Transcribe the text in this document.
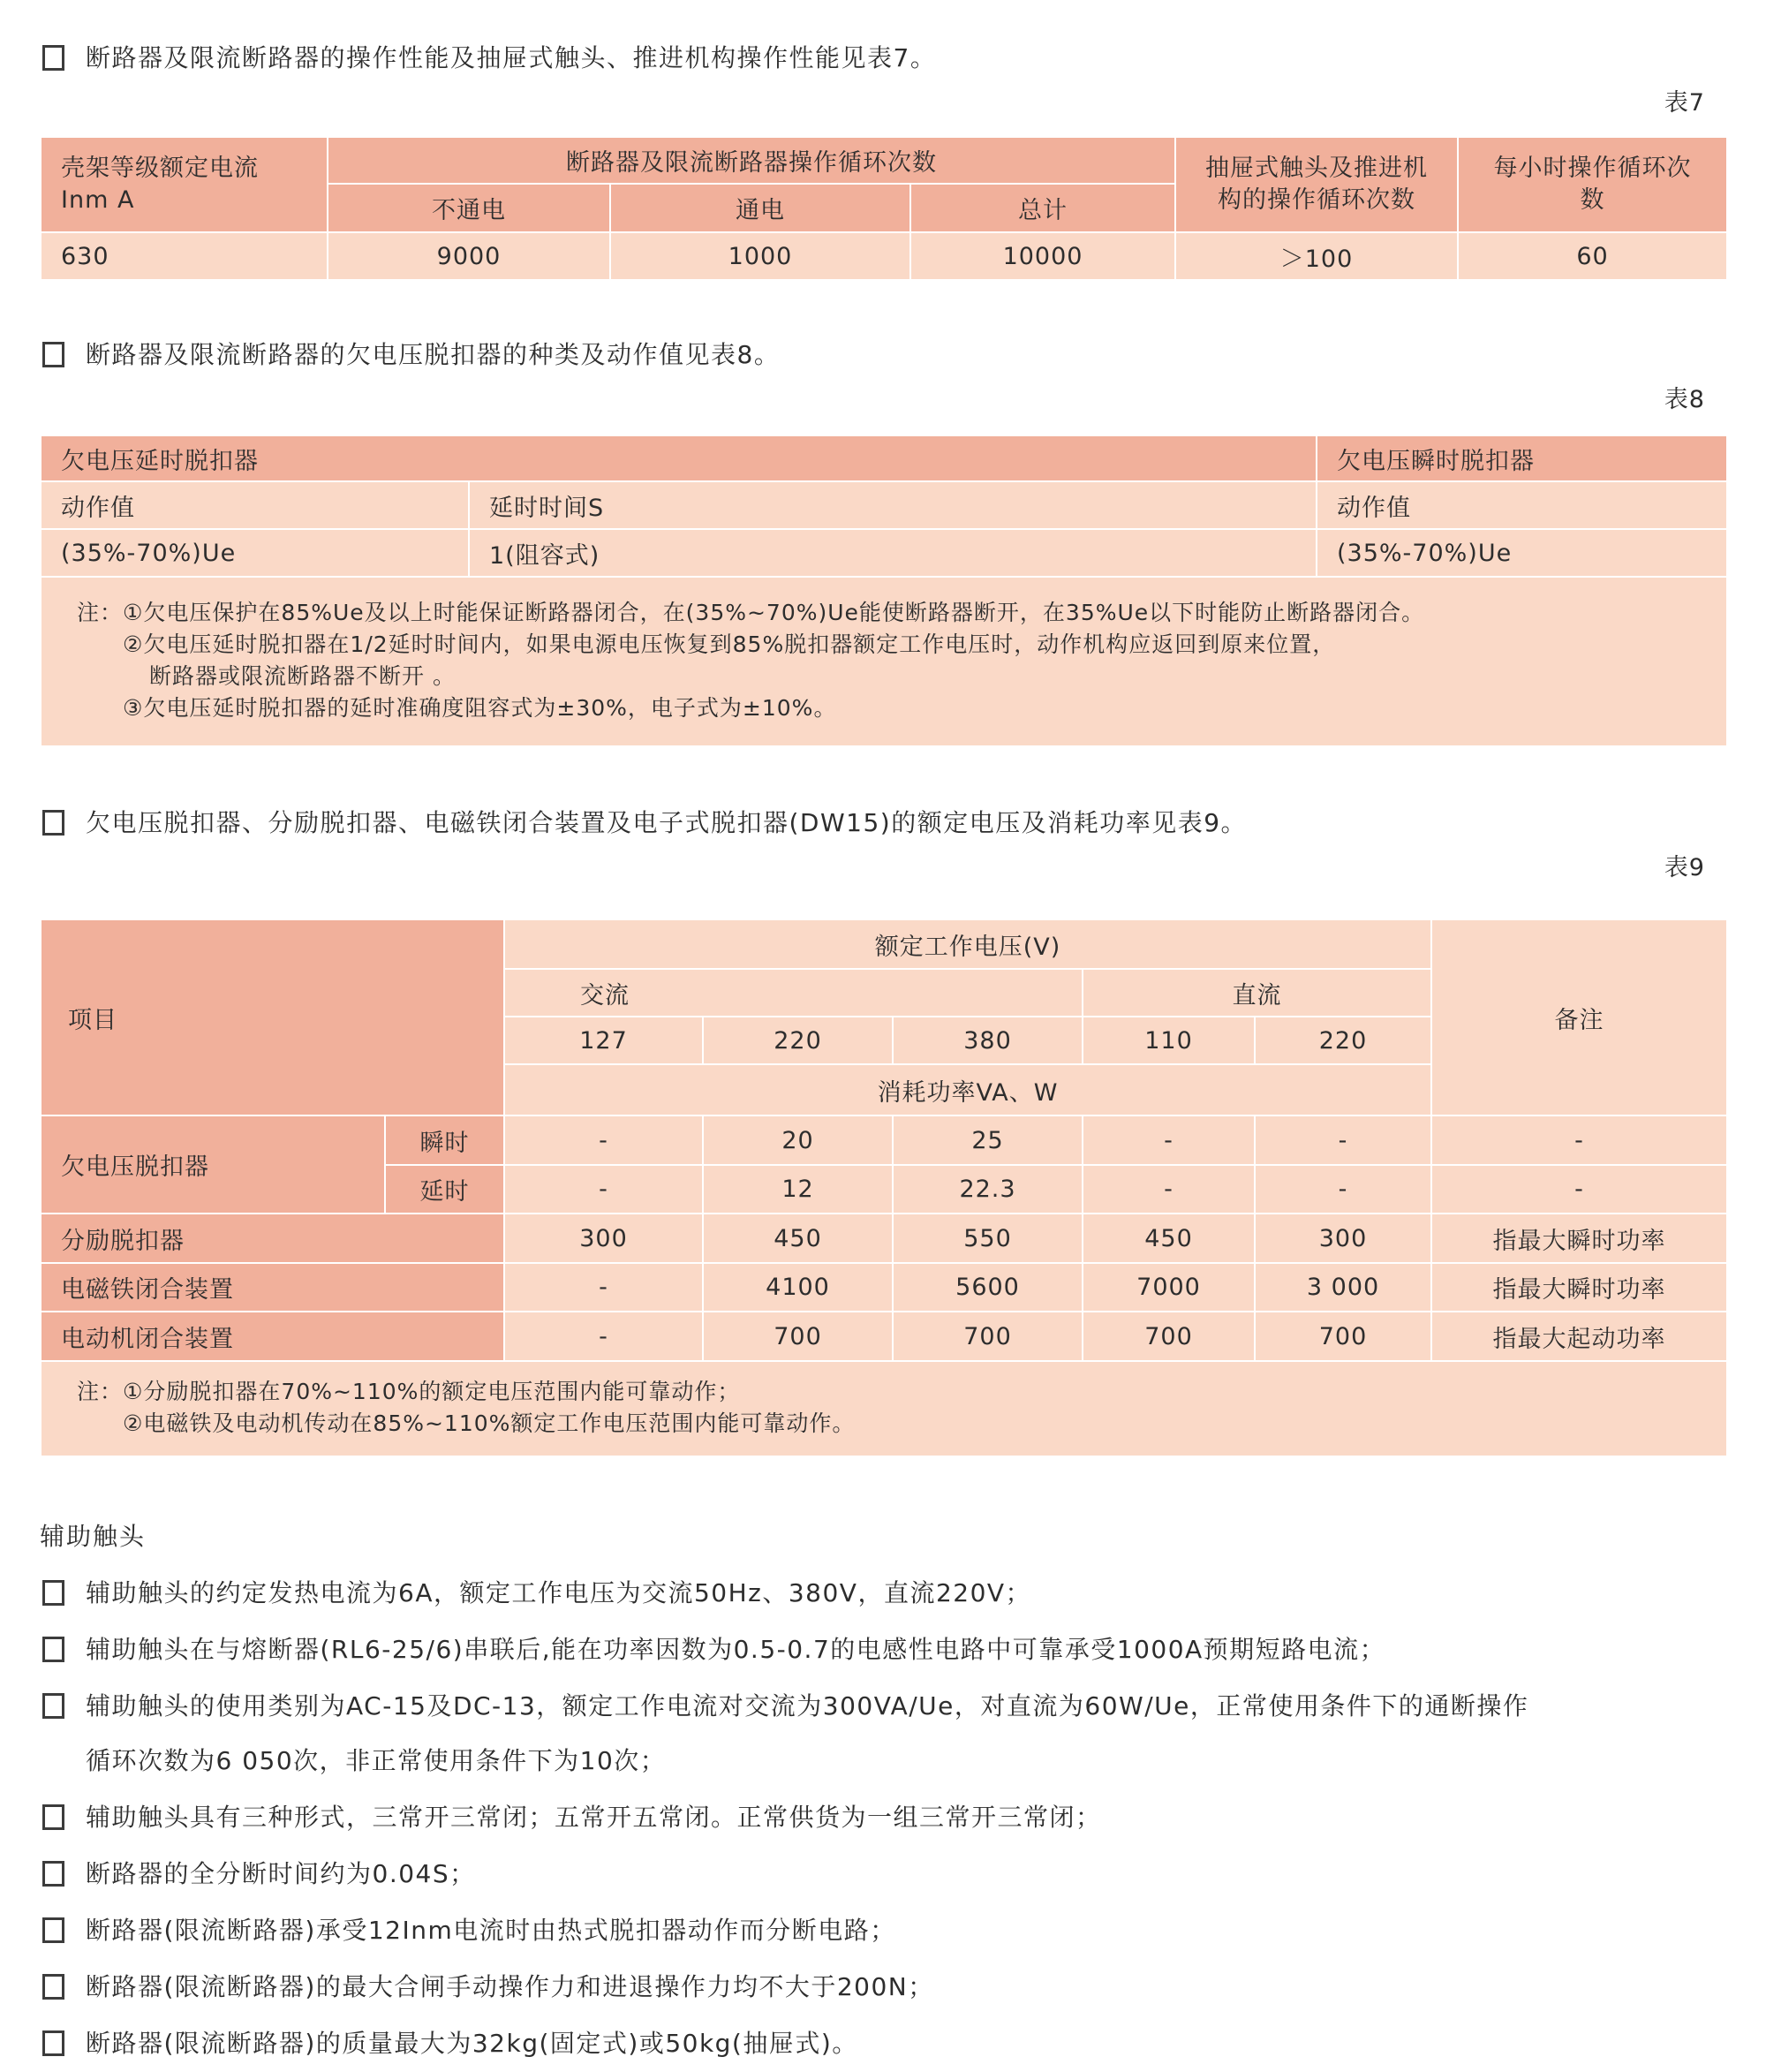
断路器及限流断路器的操作性能及抽屉式触头、推进机构操作性能见表7。
表7
壳架等级额定电流
Inm A	断路器及限流断路器操作循环次数			抽屉式触头及推进机构的操作循环次数	每小时操作循环次数
	不通电	通电	总计		
630	9000	1000	10000	＞100	60
断路器及限流断路器的欠电压脱扣器的种类及动作值见表8。
表8
欠电压延时脱扣器		欠电压瞬时脱扣器
动作值	延时时间S	动作值
(35%-70%)Ue	1(阻容式)	(35%-70%)Ue

注：①欠电压保护在85%Ue及以上时能保证断路器闭合，在(35%~70%)Ue能使断路器断开，在35%Ue以下时能防止断路器闭合。
②欠电压延时脱扣器在1/2延时时间内，如果电源电压恢复到85%脱扣器额定工作电压时，动作机构应返回到原来位置，
断路器或限流断路器不断开 。
③欠电压延时脱扣器的延时准确度阻容式为±30%，电子式为±10%。		
欠电压脱扣器、分励脱扣器、电磁铁闭合装置及电子式脱扣器(DW15)的额定电压及消耗功率见表9。
表9
项目		额定工作电压(V)					备注
		交流			直流		
		127	220	380	110	220	
		消耗功率VA、W					
欠电压脱扣器	瞬时	-	20	25	-	-	-
	延时	-	12	22.3	-	-	-
分励脱扣器		300	450	550	450	300	指最大瞬时功率
电磁铁闭合装置		-	4100	5600	7000	3 000	指最大瞬时功率
电动机闭合装置		-	700	700	700	700	指最大起动功率

注：①分励脱扣器在70%~110%的额定电压范围内能可靠动作；
②电磁铁及电动机传动在85%~110%额定工作电压范围内能可靠动作。							
辅助触头
辅助触头的约定发热电流为6A，额定工作电压为交流50Hz、380V，直流220V；
辅助触头在与熔断器(RL6-25/6)串联后,能在功率因数为0.5-0.7的电感性电路中可靠承受1000A预期短路电流；
辅助触头的使用类别为AC-15及DC-13，额定工作电流对交流为300VA/Ue，对直流为60W/Ue，正常使用条件下的通断操作
循环次数为6 050次，非正常使用条件下为10次；
辅助触头具有三种形式，三常开三常闭；五常开五常闭。正常供货为一组三常开三常闭；
断路器的全分断时间约为0.04S；
断路器(限流断路器)承受12Inm电流时由热式脱扣器动作而分断电路；
断路器(限流断路器)的最大合闸手动操作力和进退操作力均不大于200N；
断路器(限流断路器)的质量最大为32kg(固定式)或50kg(抽屉式)。
